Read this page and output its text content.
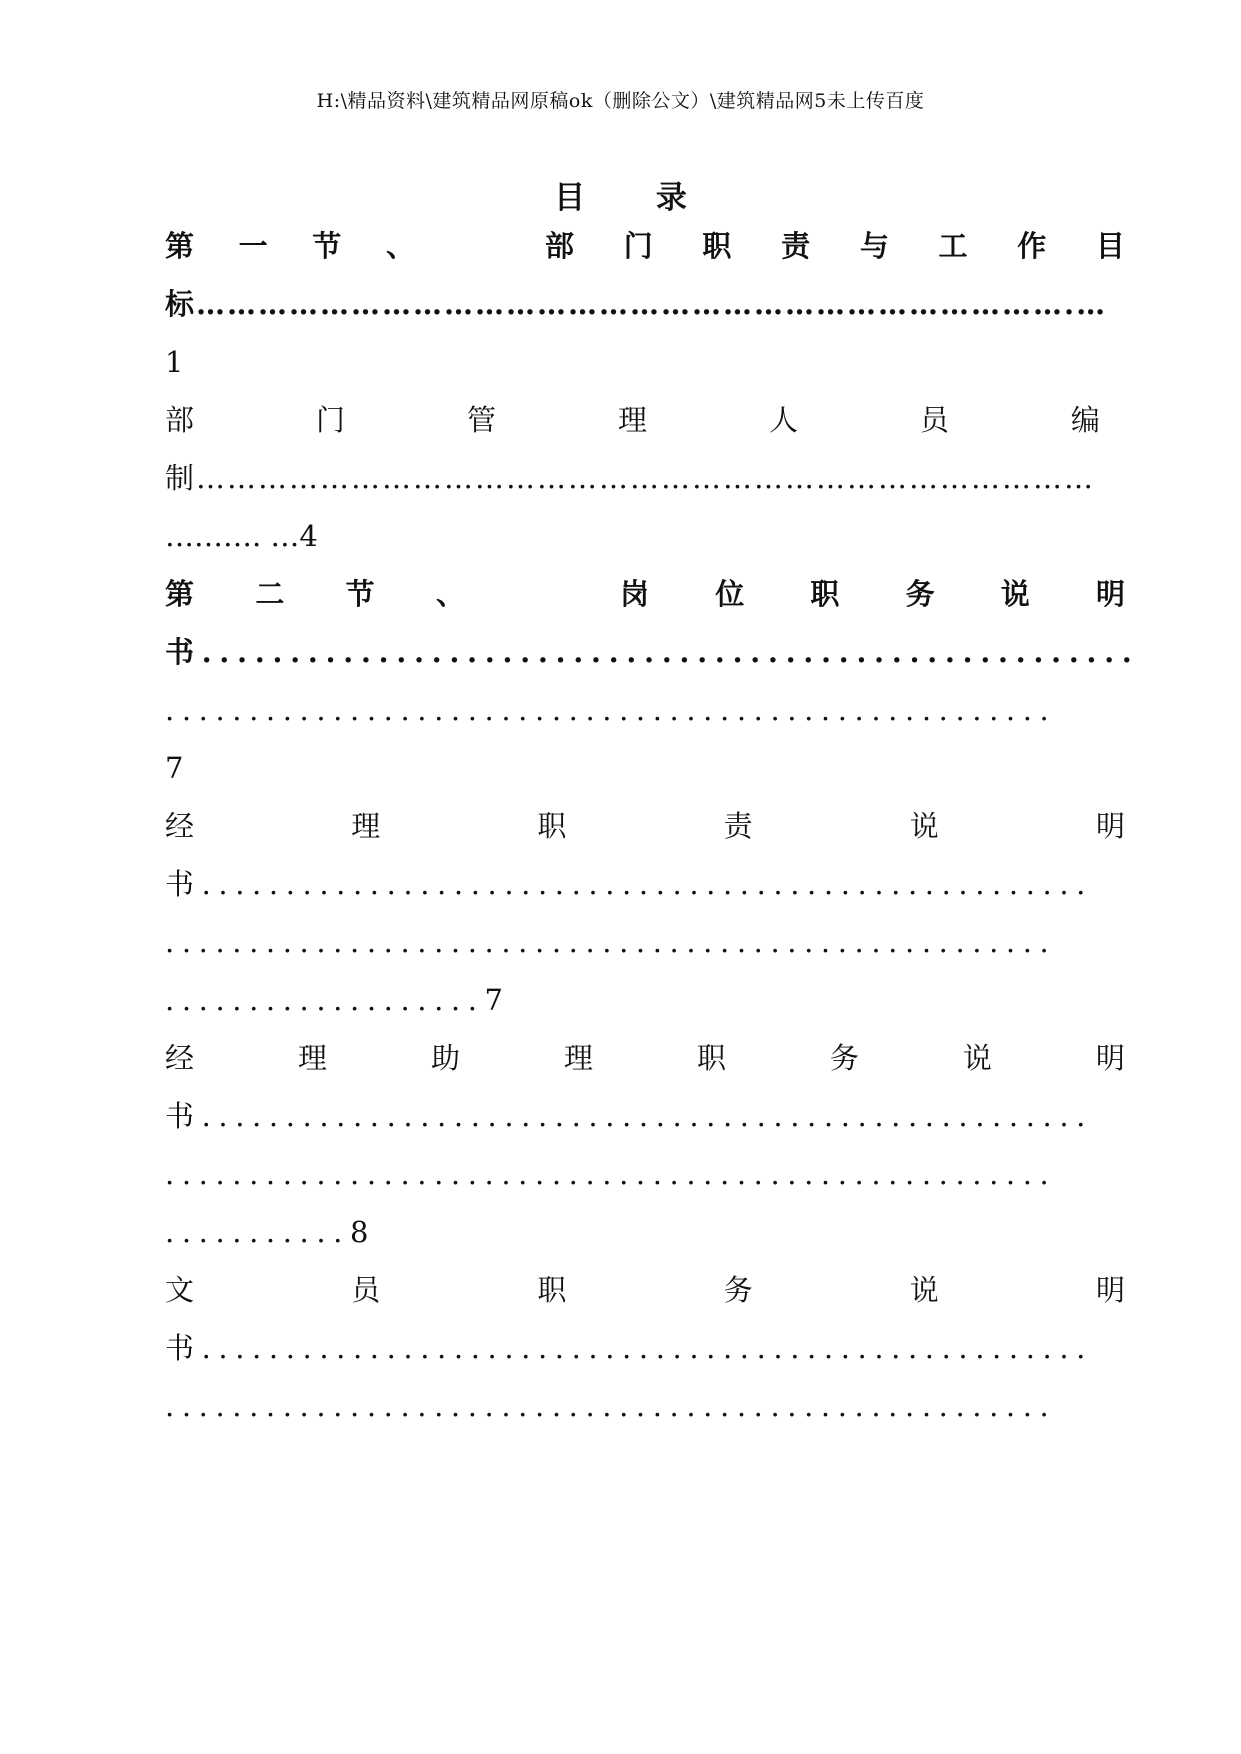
H:\精品资料\建筑精品网原稿ok（删除公文）\建筑精品网5未上传百度
目 录
第 一 节 、	部 门 职 责 与 工 作 目
标………………………………………………………………………….…
1
部	门	管	理	人	员	编
制……………………………………………………………………………
………. …4
第 二 节 、	岗 位 职 务 说 明
书.....................................................
.....................................................
7
经	理	职	责	说	明
书.....................................................
.....................................................
...................7
经	理	助	理	职	务	说	明
书.....................................................
.....................................................
...........8
文	员	职	务	说	明
书.....................................................
.....................................................
